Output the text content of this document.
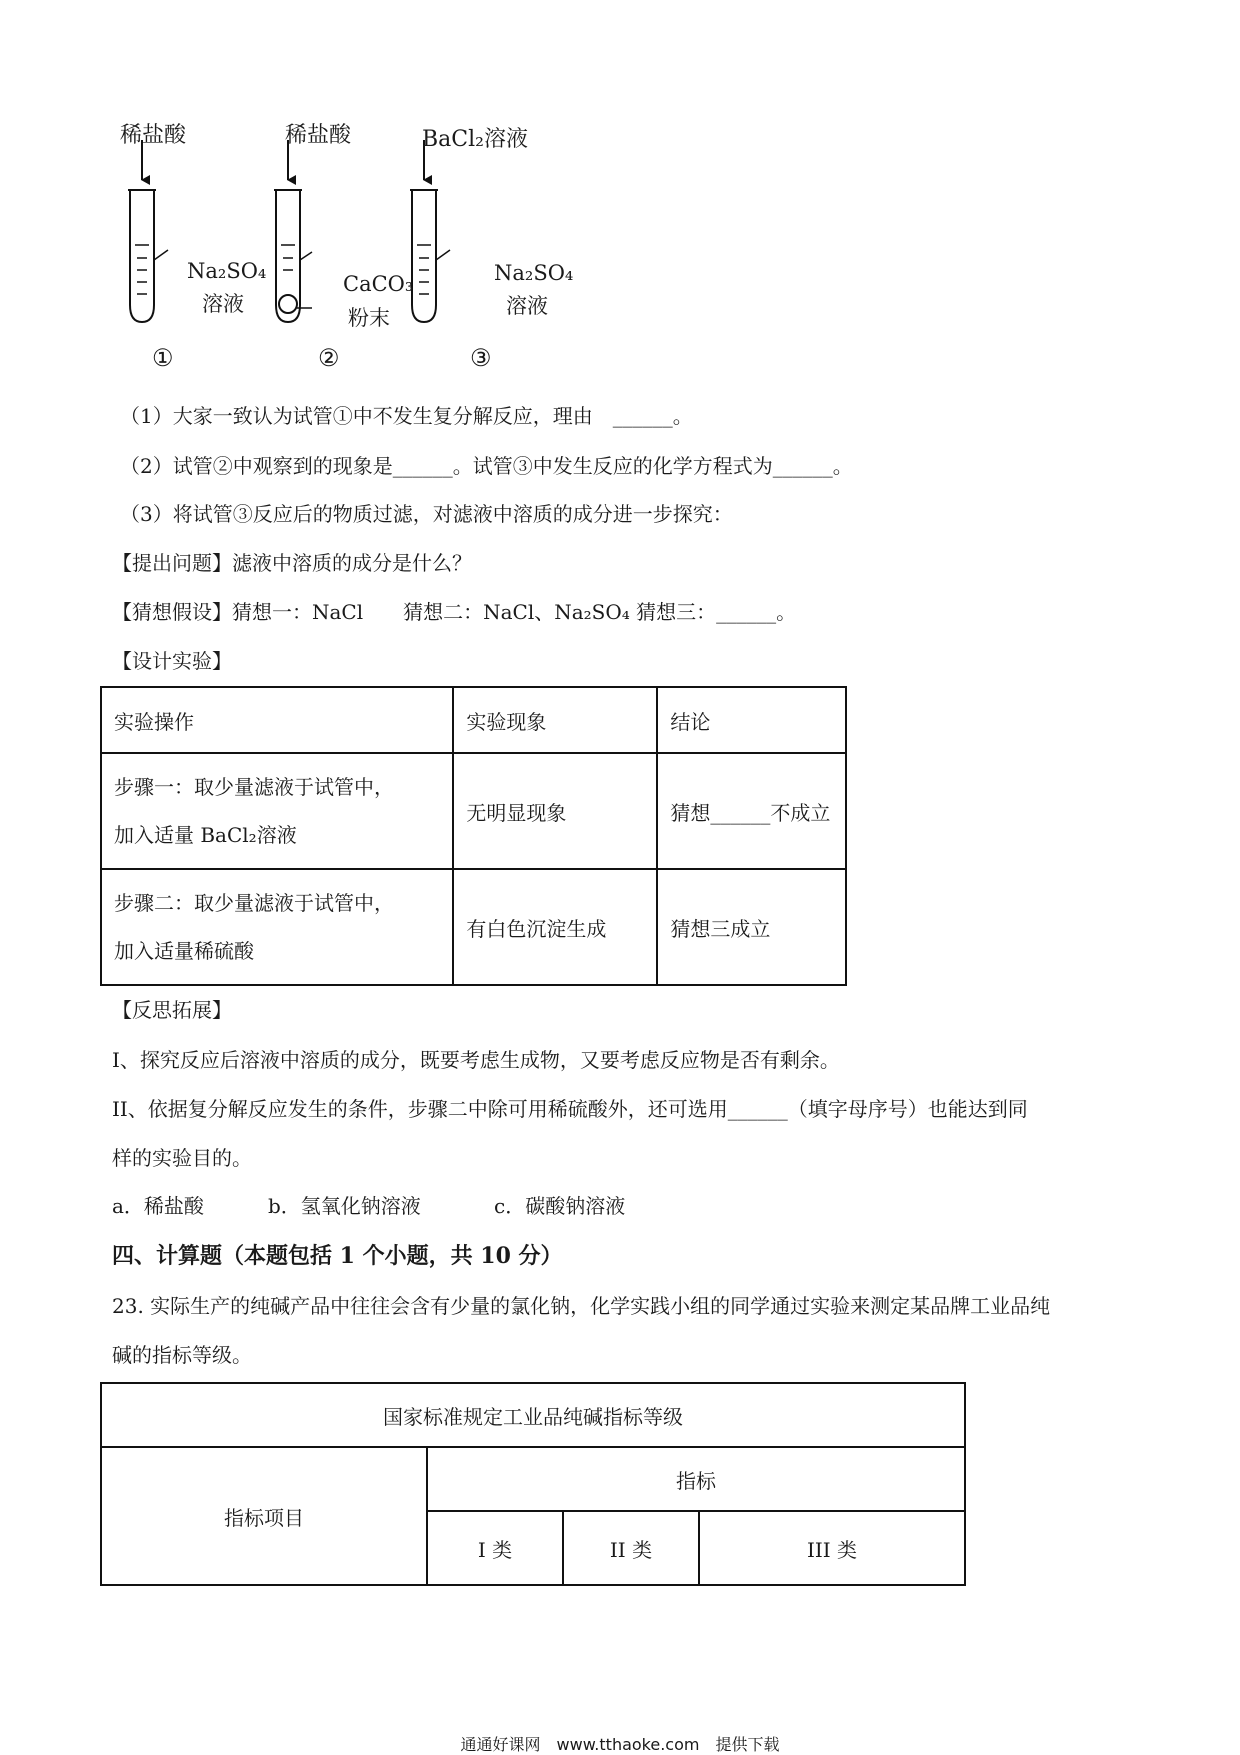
稀盐酸	稀盐酸	BaCl₂溶液
Na₂SO₄
溶液
CaCO₃
粉末
Na₂SO₄
溶液
①	②	③
（1）大家一致认为试管①中不发生复分解反应，理由　______。
（2）试管②中观察到的现象是______。试管③中发生反应的化学方程式为______。
（3）将试管③反应后的物质过滤，对滤液中溶质的成分进一步探究：
【提出问题】滤液中溶质的成分是什么？
【猜想假设】猜想一：NaCl　　猜想二：NaCl、Na₂SO₄ 猜想三：______。
【设计实验】
实验操作	实验现象	结论

步骤一：取少量滤液于试管中，
加入适量 BaCl₂溶液	无明显现象	猜想______不成立

步骤二：取少量滤液于试管中，
加入适量稀硫酸	有白色沉淀生成	猜想三成立
【反思拓展】
I、探究反应后溶液中溶质的成分，既要考虑生成物，又要考虑反应物是否有剩余。
II、依据复分解反应发生的条件，步骤二中除可用稀硫酸外，还可选用______（填字母序号）也能达到同
样的实验目的。
a．稀盐酸	b．氢氧化钠溶液	c．碳酸钠溶液
四、计算题（本题包括 1 个小题，共 10 分）
23. 实际生产的纯碱产品中往往会含有少量的氯化钠，化学实践小组的同学通过实验来测定某品牌工业品纯
碱的指标等级。
国家标准规定工业品纯碱指标等级			
指标项目	指标		
	I 类	II 类	III 类
通通好课网　www.tthaoke.com　提供下载
